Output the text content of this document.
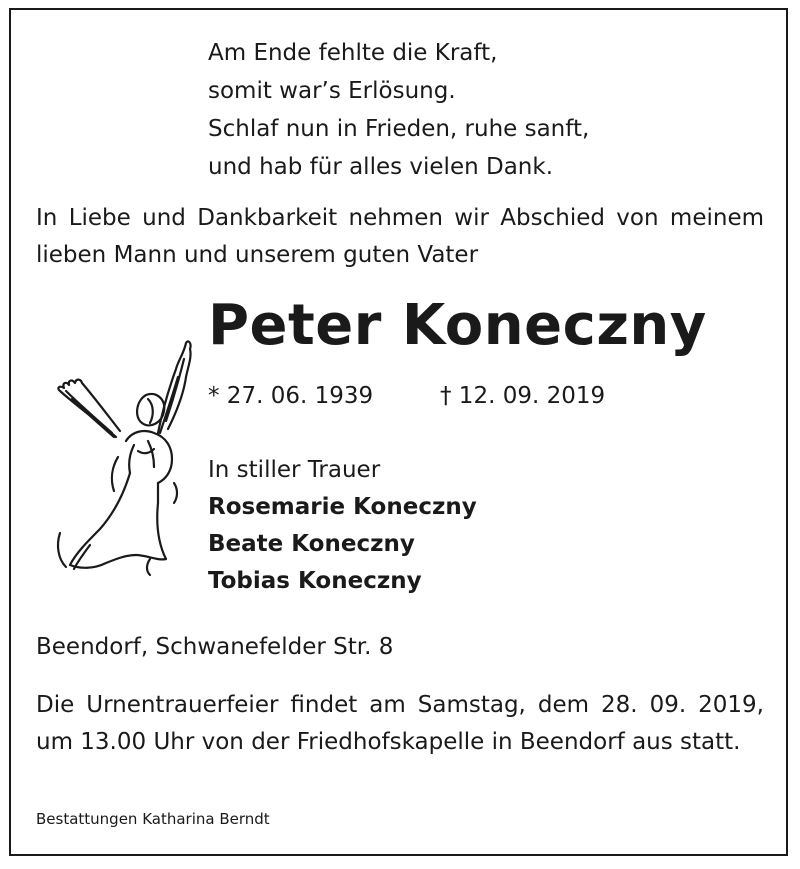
Am Ende fehlte die Kraft,
somit war’s Erlösung.
Schlaf nun in Frieden, ruhe sanft,
und hab für alles vielen Dank.
In Liebe und Dankbarkeit nehmen wir Abschied von meinem lieben Mann und unserem guten Vater
Peter Koneczny
* 27. 06. 1939	† 12. 09. 2019
In stiller Trauer
Rosemarie Koneczny
Beate Koneczny
Tobias Koneczny
Beendorf, Schwanefelder Str. 8
Die Urnentrauerfeier findet am Samstag, dem 28. 09. 2019, um 13.00 Uhr von der Friedhofskapelle in Beendorf aus statt.
Bestattungen Katharina Berndt
